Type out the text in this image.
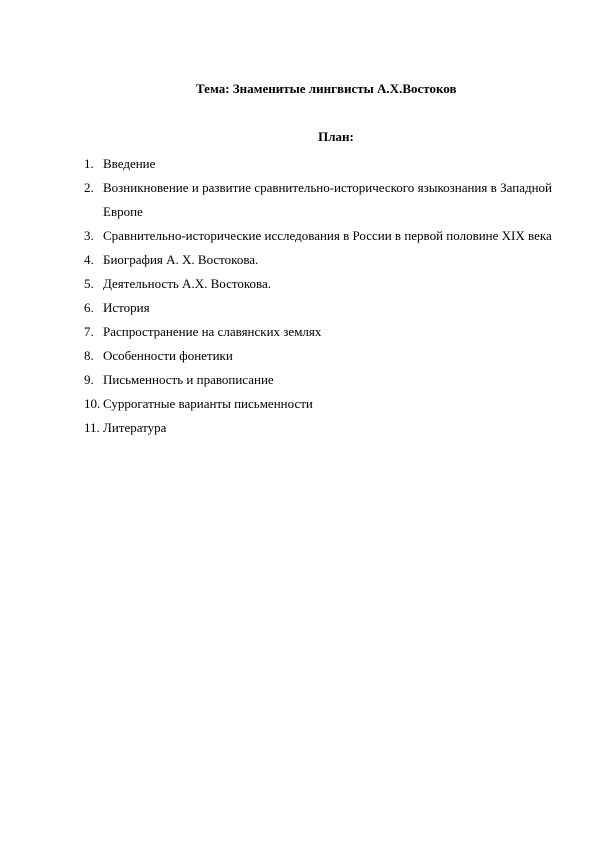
Тема: Знаменитые лингвисты А.Х.Востоков
План:
1. Введение
2. Возникновение и развитие сравнительно-исторического языкознания в Западной Европе
3. Сравнительно-исторические исследования в России в первой половине XIX века
4. Биография А. Х. Востокова.
5. Деятельность А.Х. Востокова.
6. История
7. Распространение на славянских землях
8. Особенности фонетики
9. Письменность и правописание
10. Суррогатные варианты письменности
11. Литература
